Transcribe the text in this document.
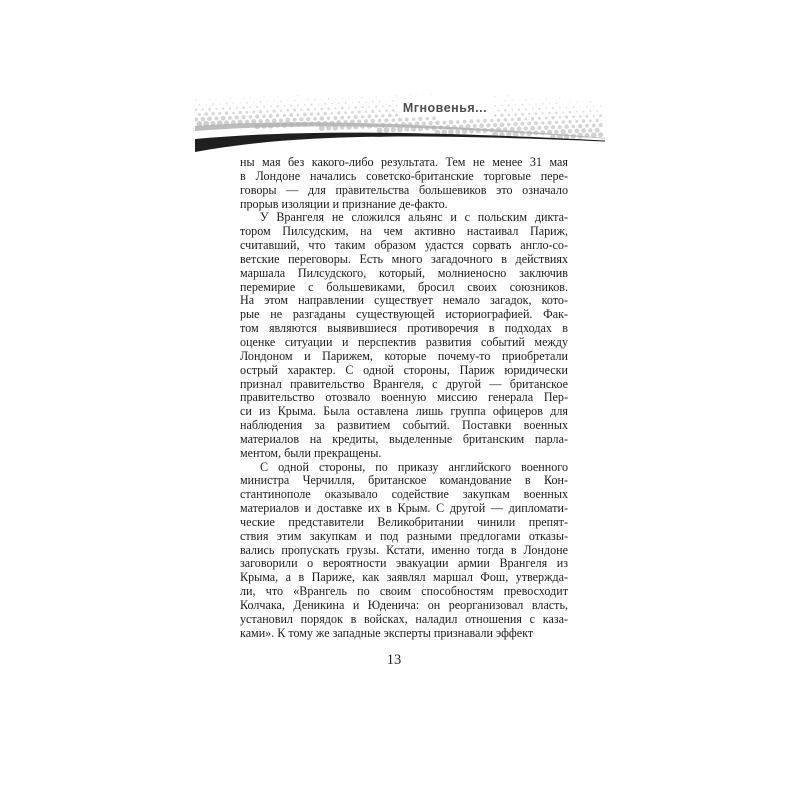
Мгновенья...
ны мая без какого-либо результата. Тем не менее 31 мая
в Лондоне начались советско-британские торговые пере-
говоры — для правительства большевиков это означало
прорыв изоляции и признание де-факто.
У Врангеля не сложился альянс и с польским дикта-
тором Пилсудским, на чем активно настаивал Париж,
считавший, что таким образом удастся сорвать англо-со-
ветские переговоры. Есть много загадочного в действиях
маршала Пилсудского, который, молниеносно заключив
перемирие с большевиками, бросил своих союзников.
На этом направлении существует немало загадок, кото-
рые не разгаданы существующей историографией. Фак-
том являются выявившиеся противоречия в подходах в
оценке ситуации и перспектив развития событий между
Лондоном и Парижем, которые почему-то приобретали
острый характер. С одной стороны, Париж юридически
признал правительство Врангеля, с другой — британское
правительство отозвало военную миссию генерала Пер-
си из Крыма. Была оставлена лишь группа офицеров для
наблюдения за развитием событий. Поставки военных
материалов на кредиты, выделенные британским парла-
ментом, были прекращены.
С одной стороны, по приказу английского военного
министра Черчилля, британское командование в Кон-
стантинополе оказывало содействие закупкам военных
материалов и доставке их в Крым. С другой — дипломати-
ческие представители Великобритании чинили препят-
ствия этим закупкам и под разными предлогами отказы-
вались пропускать грузы. Кстати, именно тогда в Лондоне
заговорили о вероятности эвакуации армии Врангеля из
Крыма, а в Париже, как заявлял маршал Фош, утвержда-
ли, что «Врангель по своим способностям превосходит
Колчака, Деникина и Юденича: он реорганизовал власть,
установил порядок в войсках, наладил отношения с каза-
ками». К тому же западные эксперты признавали эффект
13
